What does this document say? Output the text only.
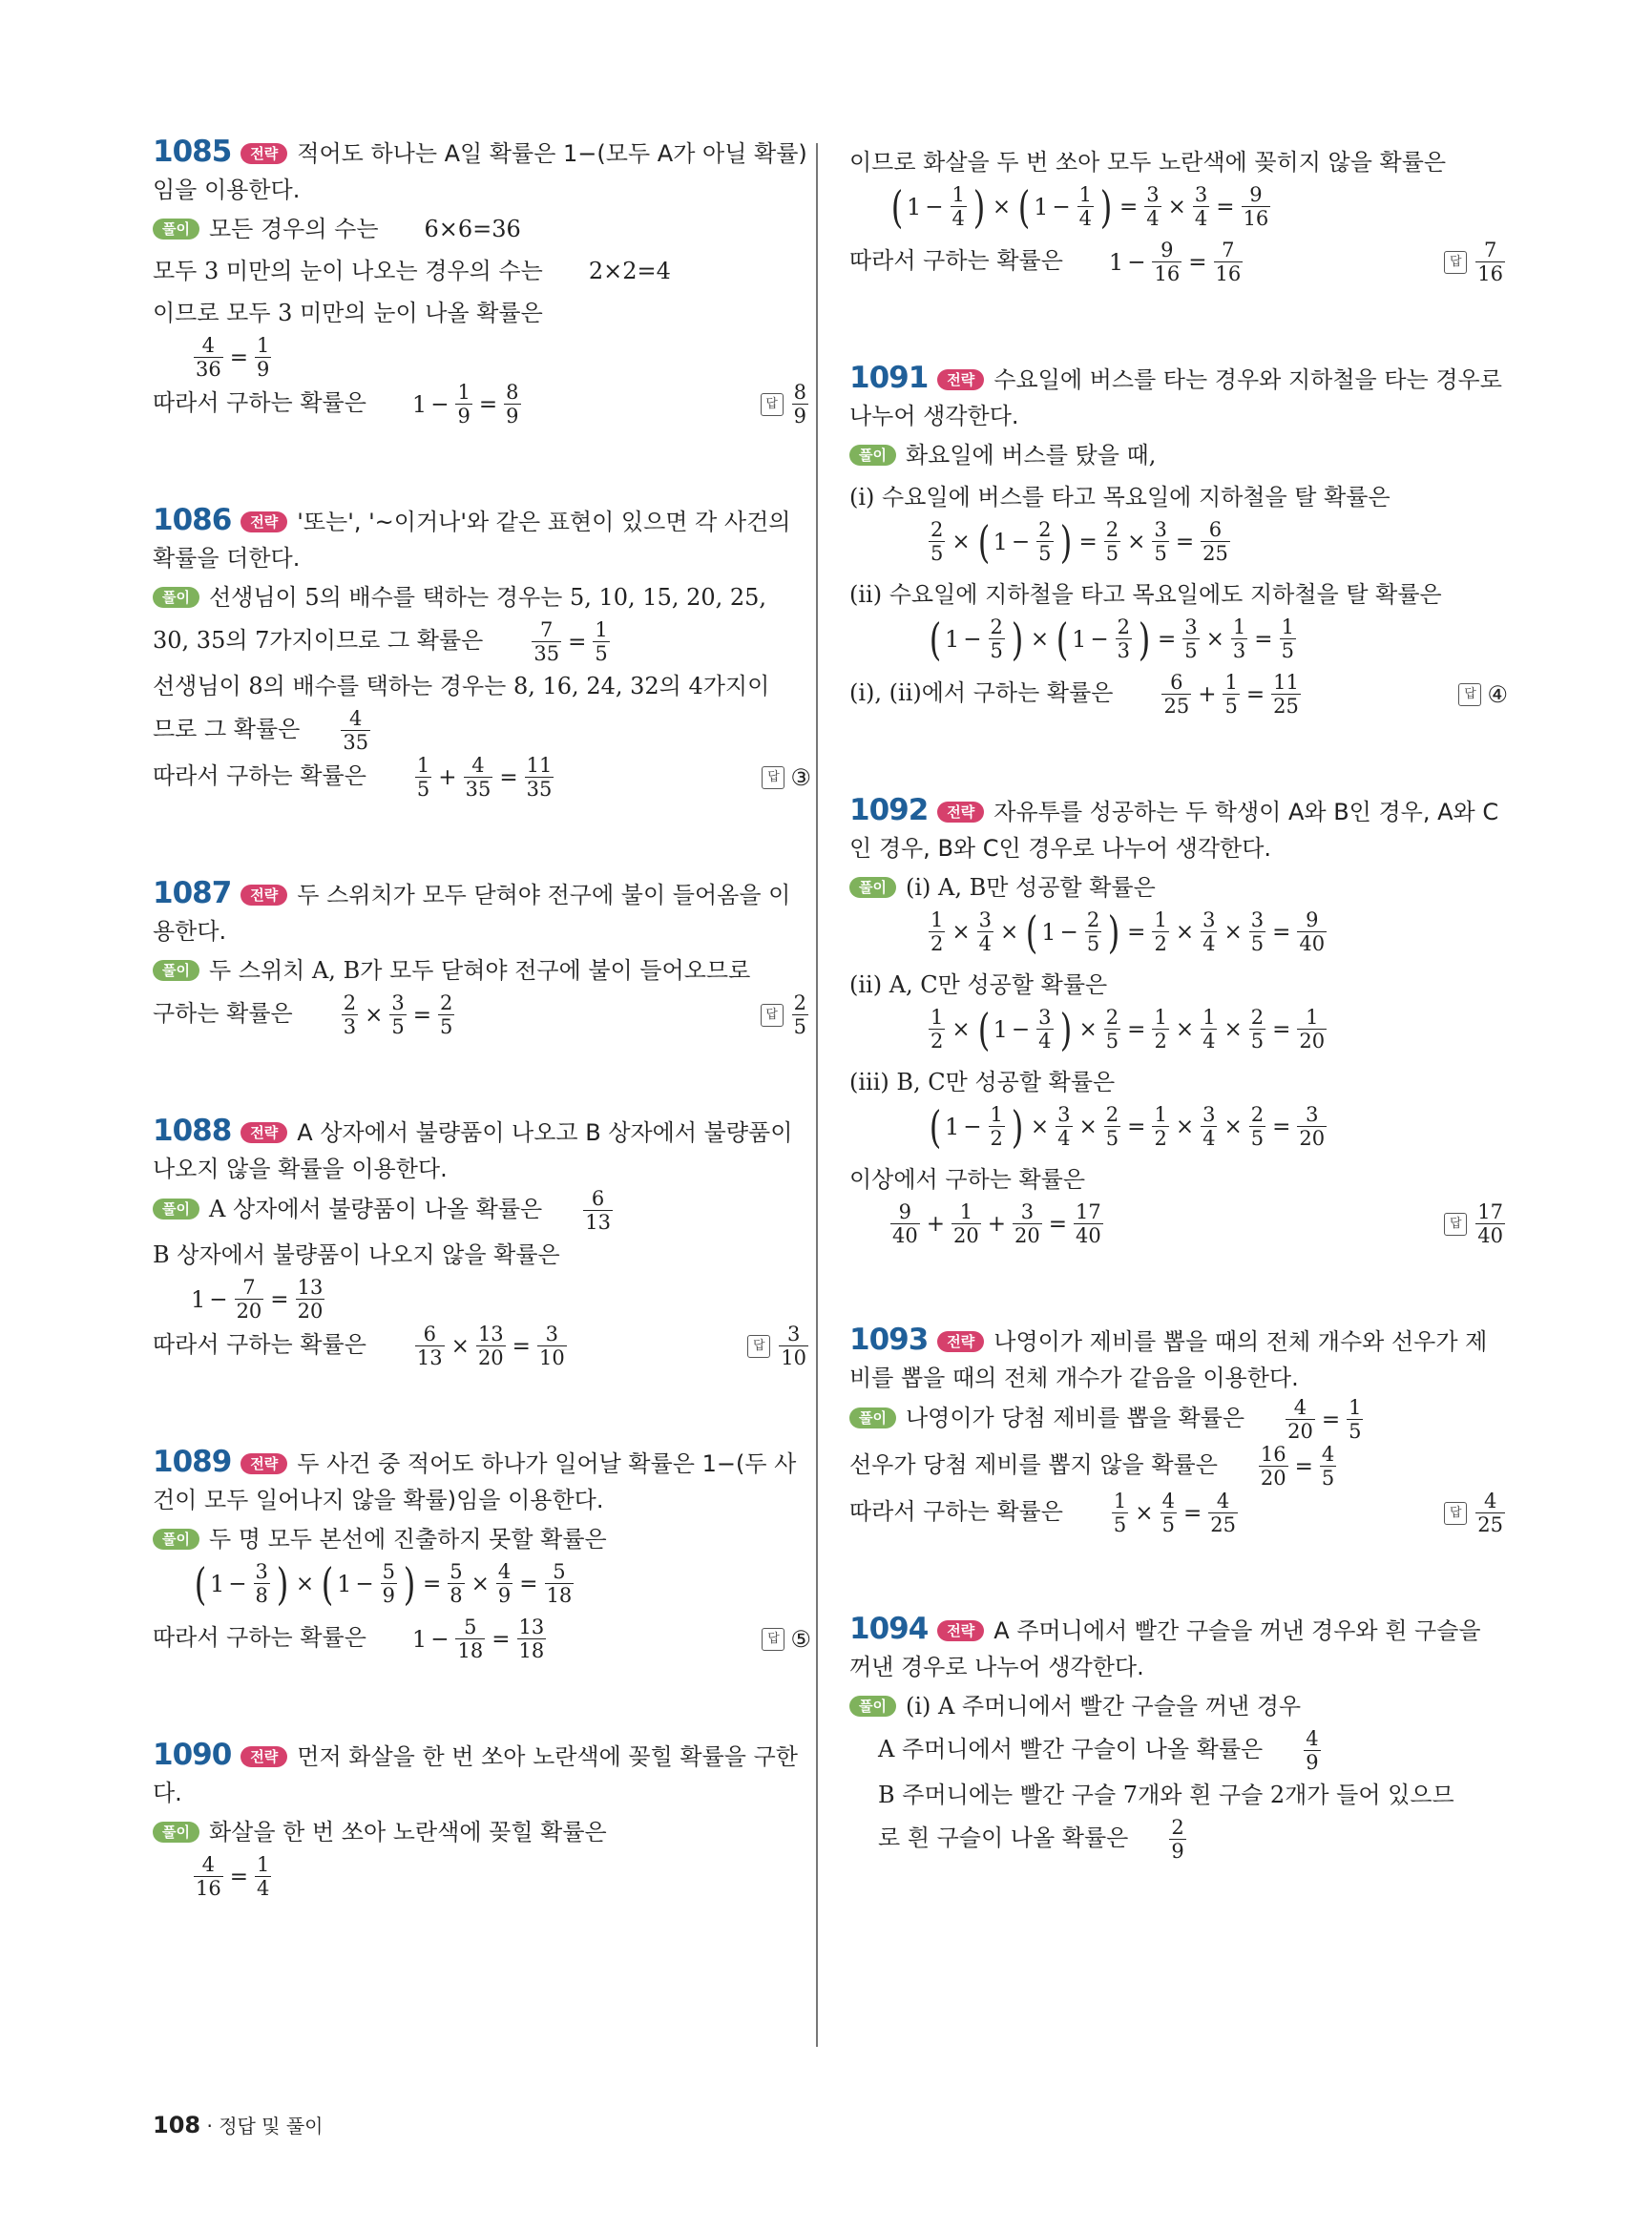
1085 전략 적어도 하나는 A일 확률은 1−(모두 A가 아닐 확률)임을 이용한다.
풀이 모든 경우의 수는 6×6=36
모두 3 미만의 눈이 나오는 경우의 수는 2×2=4
이므로 모두 3 미만의 눈이 나올 확률은
$\frac{4}{36} = \frac{1}{9}$
따라서 구하는 확률은 $1 - \frac{1}{9} = \frac{8}{9}$	답 $\frac{8}{9}$
1086 전략 '또는', '~이거나'와 같은 표현이 있으면 각 사건의 확률을 더한다.
풀이 선생님이 5의 배수를 택하는 경우는 5, 10, 15, 20, 25,
30, 35의 7가지이므로 그 확률은 $\frac{7}{35} = \frac{1}{5}$
선생님이 8의 배수를 택하는 경우는 8, 16, 24, 32의 4가지이
므로 그 확률은 $\frac{4}{35}$
따라서 구하는 확률은 $\frac{1}{5} + \frac{4}{35} = \frac{11}{35}$	답 ③
1087 전략 두 스위치가 모두 닫혀야 전구에 불이 들어옴을 이용한다.
풀이 두 스위치 A, B가 모두 닫혀야 전구에 불이 들어오므로
구하는 확률은 $\frac{2}{3} \times \frac{3}{5} = \frac{2}{5}$	답 $\frac{2}{5}$
1088 전략 A 상자에서 불량품이 나오고 B 상자에서 불량품이 나오지 않을 확률을 이용한다.
풀이 A 상자에서 불량품이 나올 확률은 $\frac{6}{13}$
B 상자에서 불량품이 나오지 않을 확률은
$1 - \frac{7}{20} = \frac{13}{20}$
따라서 구하는 확률은 $\frac{6}{13} \times \frac{13}{20} = \frac{3}{10}$	답 $\frac{3}{10}$
1089 전략 두 사건 중 적어도 하나가 일어날 확률은 1−(두 사건이 모두 일어나지 않을 확률)임을 이용한다.
풀이 두 명 모두 본선에 진출하지 못할 확률은
( $1 - \frac{3}{8}$ ) × ( $1 - \frac{5}{9}$ ) = $\frac{5}{8} \times \frac{4}{9} = \frac{5}{18}$
따라서 구하는 확률은 $1 - \frac{5}{18} = \frac{13}{18}$	답 ⑤
1090 전략 먼저 화살을 한 번 쏘아 노란색에 꽂힐 확률을 구한다.
풀이 화살을 한 번 쏘아 노란색에 꽂힐 확률은
$\frac{4}{16} = \frac{1}{4}$
이므로 화살을 두 번 쏘아 모두 노란색에 꽂히지 않을 확률은
( $1 - \frac{1}{4}$ ) × ( $1 - \frac{1}{4}$ ) = $\frac{3}{4} \times \frac{3}{4} = \frac{9}{16}$
따라서 구하는 확률은 $1 - \frac{9}{16} = \frac{7}{16}$	답 $\frac{7}{16}$
1091 전략 수요일에 버스를 타는 경우와 지하철을 타는 경우로 나누어 생각한다.
풀이 화요일에 버스를 탔을 때,
(i) 수요일에 버스를 타고 목요일에 지하철을 탈 확률은
$\frac{2}{5}$ × ( $1 - \frac{2}{5}$ ) = $\frac{2}{5} \times \frac{3}{5} = \frac{6}{25}$
(ii) 수요일에 지하철을 타고 목요일에도 지하철을 탈 확률은
( $1 - \frac{2}{5}$ ) × ( $1 - \frac{2}{3}$ ) = $\frac{3}{5} \times \frac{1}{3} = \frac{1}{5}$
(i), (ii)에서 구하는 확률은 $\frac{6}{25} + \frac{1}{5} = \frac{11}{25}$	답 ④
1092 전략 자유투를 성공하는 두 학생이 A와 B인 경우, A와 C인 경우, B와 C인 경우로 나누어 생각한다.
풀이 (i) A, B만 성공할 확률은
$\frac{1}{2} \times \frac{3}{4}$ × ( $1 - \frac{2}{5}$ ) = $\frac{1}{2} \times \frac{3}{4} \times \frac{3}{5} = \frac{9}{40}$
(ii) A, C만 성공할 확률은
$\frac{1}{2}$ × ( $1 - \frac{3}{4}$ ) × $\frac{2}{5} = \frac{1}{2} \times \frac{1}{4} \times \frac{2}{5} = \frac{1}{20}$
(iii) B, C만 성공할 확률은
( $1 - \frac{1}{2}$ ) × $\frac{3}{4} \times \frac{2}{5} = \frac{1}{2} \times \frac{3}{4} \times \frac{2}{5} = \frac{3}{20}$
이상에서 구하는 확률은
$\frac{9}{40} + \frac{1}{20} + \frac{3}{20} = \frac{17}{40}$	답 $\frac{17}{40}$
1093 전략 나영이가 제비를 뽑을 때의 전체 개수와 선우가 제비를 뽑을 때의 전체 개수가 같음을 이용한다.
풀이 나영이가 당첨 제비를 뽑을 확률은 $\frac{4}{20} = \frac{1}{5}$
선우가 당첨 제비를 뽑지 않을 확률은 $\frac{16}{20} = \frac{4}{5}$
따라서 구하는 확률은 $\frac{1}{5} \times \frac{4}{5} = \frac{4}{25}$	답 $\frac{4}{25}$
1094 전략 A 주머니에서 빨간 구슬을 꺼낸 경우와 흰 구슬을 꺼낸 경우로 나누어 생각한다.
풀이 (i) A 주머니에서 빨간 구슬을 꺼낸 경우
A 주머니에서 빨간 구슬이 나올 확률은 $\frac{4}{9}$
B 주머니에는 빨간 구슬 7개와 흰 구슬 2개가 들어 있으므
로 흰 구슬이 나올 확률은 $\frac{2}{9}$
108 · 정답 및 풀이
